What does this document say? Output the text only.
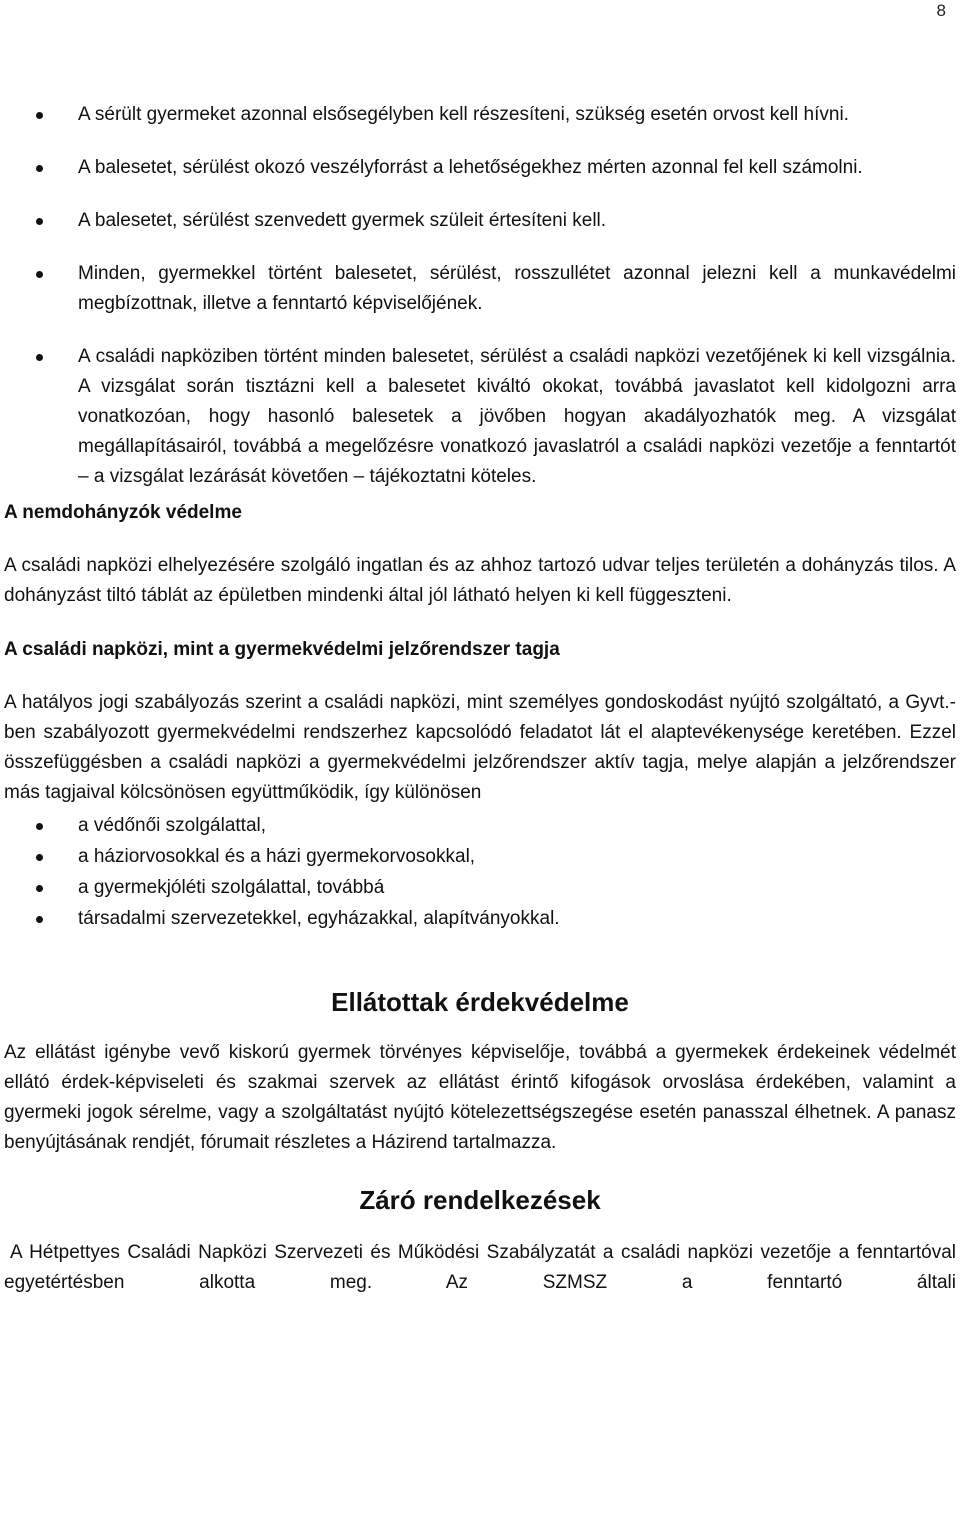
8
A sérült gyermeket azonnal elsősegélyben kell részesíteni, szükség esetén orvost kell hívni.
A balesetet, sérülést okozó veszélyforrást a lehetőségekhez mérten azonnal fel kell számolni.
A balesetet, sérülést szenvedett gyermek szüleit értesíteni kell.
Minden, gyermekkel történt balesetet, sérülést, rosszullétet azonnal jelezni kell a munkavédelmi megbízottnak, illetve a fenntartó képviselőjének.
A családi napköziben történt minden balesetet, sérülést a családi napközi vezetőjének ki kell vizsgálnia. A vizsgálat során tisztázni kell a balesetet kiváltó okokat, továbbá javaslatot kell kidolgozni arra vonatkozóan, hogy hasonló balesetek a jövőben hogyan akadályozhatók meg. A vizsgálat megállapításairól, továbbá a megelőzésre vonatkozó javaslatról a családi napközi vezetője a fenntartót – a vizsgálat lezárását követően – tájékoztatni köteles.
A nemdohányzók védelme

A családi napközi elhelyezésére szolgáló ingatlan és az ahhoz tartozó udvar teljes területén a dohányzás tilos. A dohányzást tiltó táblát az épületben mindenki által jól látható helyen ki kell függeszteni.

A családi napközi, mint a gyermekvédelmi jelzőrendszer tagja

A hatályos jogi szabályozás szerint a családi napközi, mint személyes gondoskodást nyújtó szolgáltató, a Gyvt.-ben szabályozott gyermekvédelmi rendszerhez kapcsolódó feladatot lát el alaptevékenysége keretében. Ezzel összefüggésben a családi napközi a gyermekvédelmi jelzőrendszer aktív tagja, melye alapján a jelzőrendszer más tagjaival kölcsönösen együttműködik, így különösen

a védőnői szolgálattal,
a háziorvosokkal és a házi gyermekorvosokkal,
a gyermekjóléti szolgálattal, továbbá
társadalmi szervezetekkel, egyházakkal, alapítványokkal.
Ellátottak érdekvédelme

Az ellátást igénybe vevő kiskorú gyermek törvényes képviselője, továbbá a gyermekek érdekeinek védelmét ellátó érdek-képviseleti és szakmai szervek az ellátást érintő kifogások orvoslása érdekében, valamint a gyermeki jogok sérelme, vagy a szolgáltatást nyújtó kötelezettségszegése esetén panasszal élhetnek. A panasz benyújtásának rendjét, fórumait részletes a Házirend tartalmazza.

Záró rendelkezések

A Hétpettyes Családi Napközi Szervezeti és Működési Szabályzatát a családi napközi vezetője a fenntartóval egyetértésben alkotta meg. Az SZMSZ a fenntartó általi
